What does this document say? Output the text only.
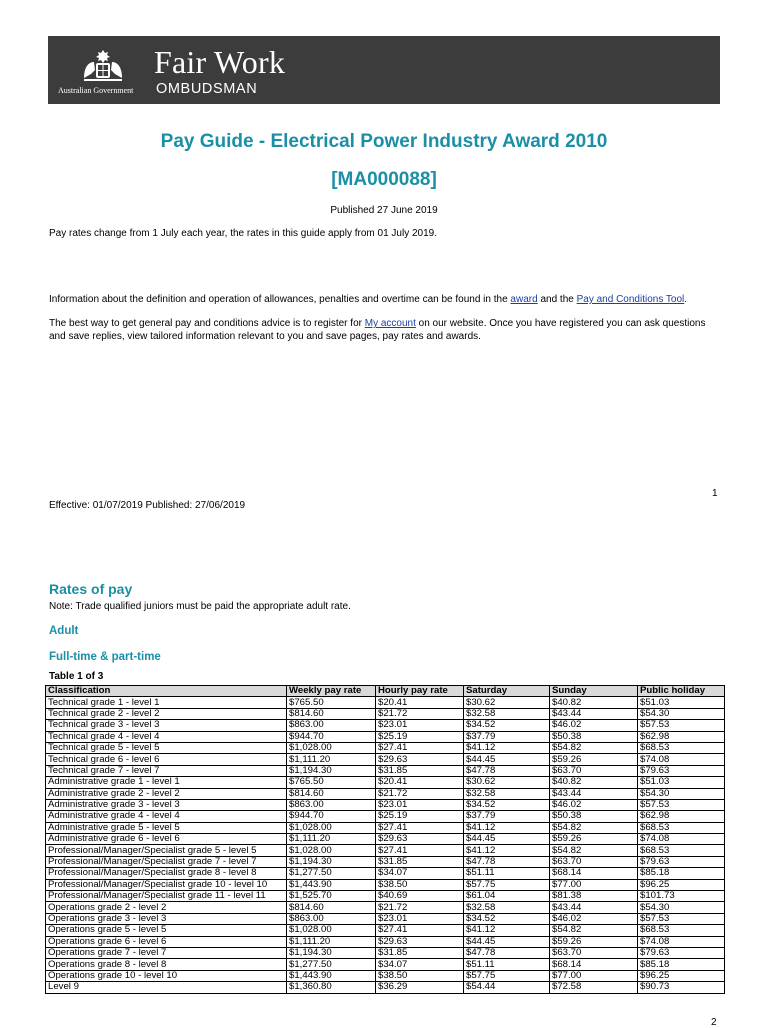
Australian Government
Fair Work
OMBUDSMAN
Pay Guide - Electrical Power Industry Award 2010
[MA000088]
Published 27 June 2019
Pay rates change from 1 July each year, the rates in this guide apply from 01 July 2019.
Information about the definition and operation of allowances, penalties and overtime can be found in the award and the Pay and Conditions Tool.
The best way to get general pay and conditions advice is to register for My account on our website. Once you have registered you can ask questions and save replies, view tailored information relevant to you and save pages, pay rates and awards.
1
Effective: 01/07/2019 Published: 27/06/2019
Rates of pay
Note: Trade qualified juniors must be paid the appropriate adult rate.
Adult
Full-time & part-time
Table 1 of 3
Classification	Weekly pay rate	Hourly pay rate	Saturday	Sunday	Public holiday
Technical grade 1 - level 1	$765.50	$20.41	$30.62	$40.82	$51.03
Technical grade 2 - level 2	$814.60	$21.72	$32.58	$43.44	$54.30
Technical grade 3 - level 3	$863.00	$23.01	$34.52	$46.02	$57.53
Technical grade 4 - level 4	$944.70	$25.19	$37.79	$50.38	$62.98
Technical grade 5 - level 5	$1,028.00	$27.41	$41.12	$54.82	$68.53
Technical grade 6 - level 6	$1,111.20	$29.63	$44.45	$59.26	$74.08
Technical grade 7 - level 7	$1,194.30	$31.85	$47.78	$63.70	$79.63
Administrative grade 1 - level 1	$765.50	$20.41	$30.62	$40.82	$51.03
Administrative grade 2 - level 2	$814.60	$21.72	$32.58	$43.44	$54.30
Administrative grade 3 - level 3	$863.00	$23.01	$34.52	$46.02	$57.53
Administrative grade 4 - level 4	$944.70	$25.19	$37.79	$50.38	$62.98
Administrative grade 5 - level 5	$1,028.00	$27.41	$41.12	$54.82	$68.53
Administrative grade 6 - level 6	$1,111.20	$29.63	$44.45	$59.26	$74.08
Professional/Manager/Specialist grade 5 - level 5	$1,028.00	$27.41	$41.12	$54.82	$68.53
Professional/Manager/Specialist grade 7 - level 7	$1,194.30	$31.85	$47.78	$63.70	$79.63
Professional/Manager/Specialist grade 8 - level 8	$1,277.50	$34.07	$51.11	$68.14	$85.18
Professional/Manager/Specialist grade 10 - level 10	$1,443.90	$38.50	$57.75	$77.00	$96.25
Professional/Manager/Specialist grade 11 - level 11	$1,525.70	$40.69	$61.04	$81.38	$101.73
Operations grade 2 - level 2	$814.60	$21.72	$32.58	$43.44	$54.30
Operations grade 3 - level 3	$863.00	$23.01	$34.52	$46.02	$57.53
Operations grade 5 - level 5	$1,028.00	$27.41	$41.12	$54.82	$68.53
Operations grade 6 - level 6	$1,111.20	$29.63	$44.45	$59.26	$74.08
Operations grade 7 - level 7	$1,194.30	$31.85	$47.78	$63.70	$79.63
Operations grade 8 - level 8	$1,277.50	$34.07	$51.11	$68.14	$85.18
Operations grade 10 - level 10	$1,443.90	$38.50	$57.75	$77.00	$96.25
Level 9	$1,360.80	$36.29	$54.44	$72.58	$90.73
2
